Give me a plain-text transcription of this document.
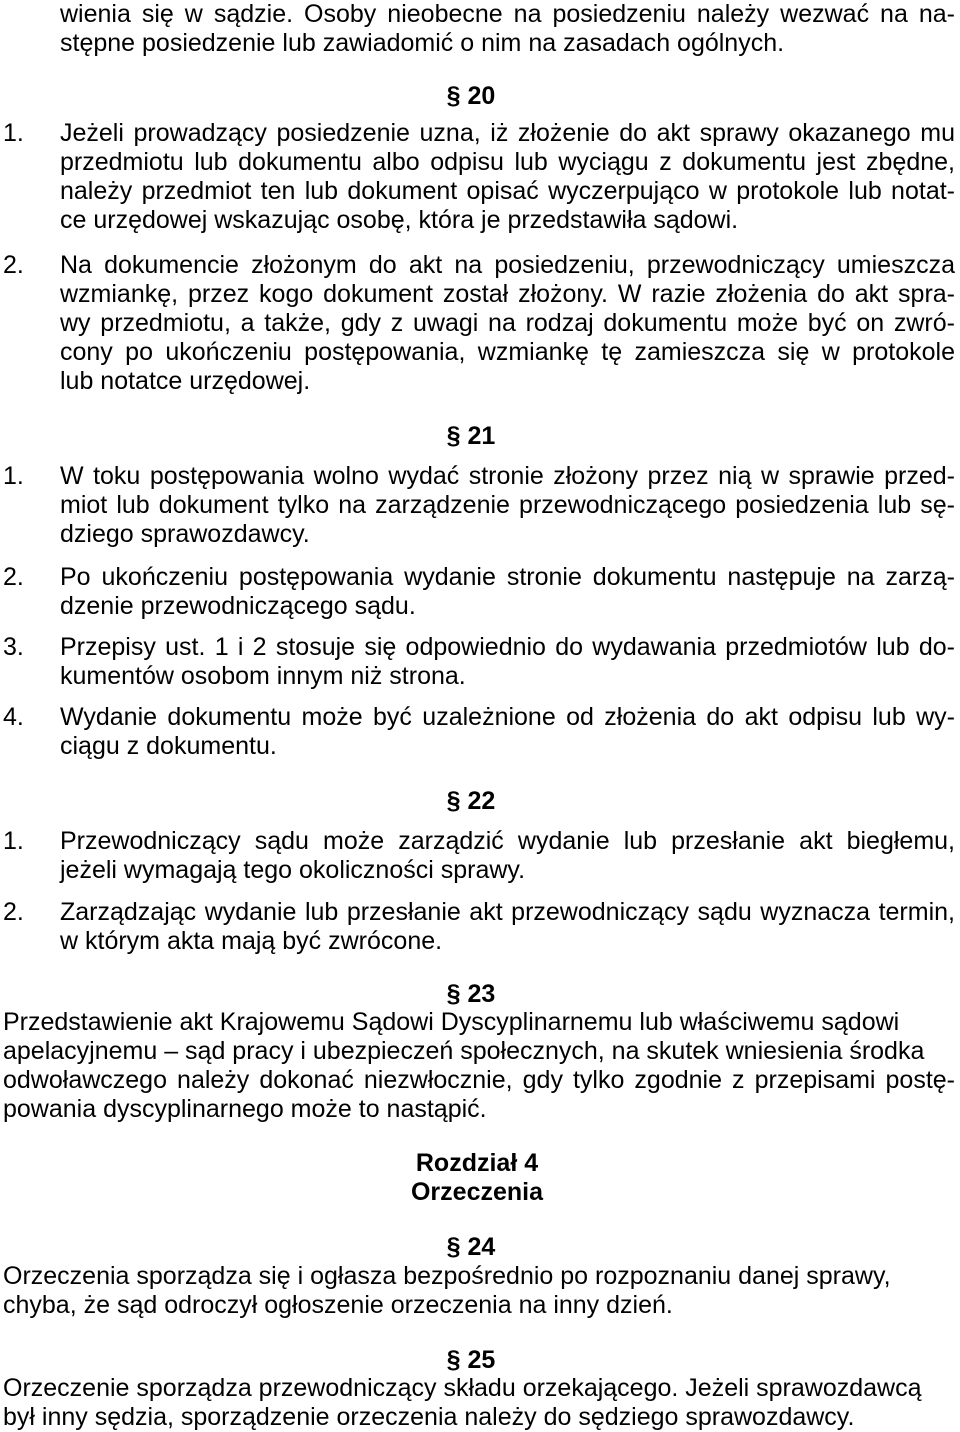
wienia się w sądzie. Osoby nieobecne na posiedzeniu należy wezwać na na-
stępne posiedzenie lub zawiadomić o nim na zasadach ogólnych.
§ 20
1.	Jeżeli prowadzący posiedzenie uzna, iż złożenie do akt sprawy okazanego mu
przedmiotu lub dokumentu albo odpisu lub wyciągu z dokumentu jest zbędne,
należy przedmiot ten lub dokument opisać wyczerpująco w protokole lub notat-
ce urzędowej wskazując osobę, która je przedstawiła sądowi.
2.	Na dokumencie złożonym do akt na posiedzeniu, przewodniczący umieszcza
wzmiankę, przez kogo dokument został złożony. W razie złożenia do akt spra-
wy przedmiotu, a także, gdy z uwagi na rodzaj dokumentu może być on zwró-
cony po ukończeniu postępowania, wzmiankę tę zamieszcza się w protokole
lub notatce urzędowej.
§ 21
1.	W toku postępowania wolno wydać stronie złożony przez nią w sprawie przed-
miot lub dokument tylko na zarządzenie przewodniczącego posiedzenia lub sę-
dziego sprawozdawcy.
2.	Po ukończeniu postępowania wydanie stronie dokumentu następuje na zarzą-
dzenie przewodniczącego sądu.
3.	Przepisy ust. 1 i 2 stosuje się odpowiednio do wydawania przedmiotów lub do-
kumentów osobom innym niż strona.
4.	Wydanie dokumentu może być uzależnione od złożenia do akt odpisu lub wy-
ciągu z dokumentu.
§ 22
1.	Przewodniczący sądu może zarządzić wydanie lub przesłanie akt biegłemu,
jeżeli wymagają tego okoliczności sprawy.
2.	Zarządzając wydanie lub przesłanie akt przewodniczący sądu wyznacza termin,
w którym akta mają być zwrócone.
§ 23
Przedstawienie akt Krajowemu Sądowi Dyscyplinarnemu lub właściwemu sądowi
apelacyjnemu – sąd pracy i ubezpieczeń społecznych, na skutek wniesienia środka
odwoławczego należy dokonać niezwłocznie, gdy tylko zgodnie z przepisami postę-
powania dyscyplinarnego może to nastąpić.
Rozdział 4
Orzeczenia
§ 24
Orzeczenia sporządza się i ogłasza bezpośrednio po rozpoznaniu danej sprawy,
chyba, że sąd odroczył ogłoszenie orzeczenia na inny dzień.
§ 25
Orzeczenie sporządza przewodniczący składu orzekającego. Jeżeli sprawozdawcą
był inny sędzia, sporządzenie orzeczenia należy do sędziego sprawozdawcy.
